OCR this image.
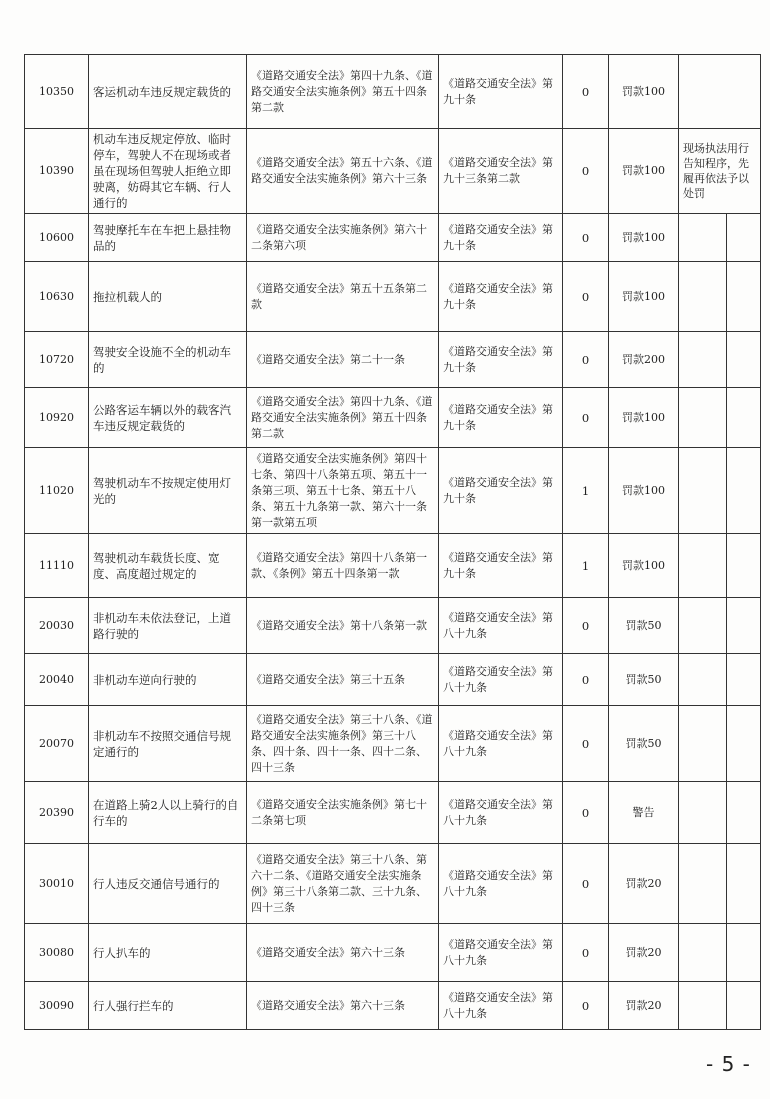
10350	客运机动车违反规定载货的	《道路交通安全法》第四十九条、《道路交通安全法实施条例》第五十四条第二款	《道路交通安全法》第九十条	0	罚款100		
10390	机动车违反规定停放、临时停车，驾驶人不在现场或者虽在现场但驾驶人拒绝立即驶离，妨碍其它车辆、行人通行的	《道路交通安全法》第五十六条、《道路交通安全法实施条例》第六十三条	《道路交通安全法》第九十三条第二款	0	罚款100	现场执法用行告知程序，先履再依法予以处罚	
10600	驾驶摩托车在车把上悬挂物品的	《道路交通安全法实施条例》第六十二条第六项	《道路交通安全法》第九十条	0	罚款100		
10630	拖拉机载人的	《道路交通安全法》第五十五条第二款	《道路交通安全法》第九十条	0	罚款100		
10720	驾驶安全设施不全的机动车的	《道路交通安全法》第二十一条	《道路交通安全法》第九十条	0	罚款200		
10920	公路客运车辆以外的载客汽车违反规定载货的	《道路交通安全法》第四十九条、《道路交通安全法实施条例》第五十四条第二款	《道路交通安全法》第九十条	0	罚款100		
11020	驾驶机动车不按规定使用灯光的	《道路交通安全法实施条例》第四十七条、第四十八条第五项、第五十一条第三项、第五十七条、第五十八条、第五十九条第一款、第六十一条第一款第五项	《道路交通安全法》第九十条	1	罚款100		
11110	驾驶机动车载货长度、宽度、高度超过规定的	《道路交通安全法》第四十八条第一款、《条例》第五十四条第一款	《道路交通安全法》第九十条	1	罚款100		
20030	非机动车未依法登记，上道路行驶的	《道路交通安全法》第十八条第一款	《道路交通安全法》第八十九条	0	罚款50		
20040	非机动车逆向行驶的	《道路交通安全法》第三十五条	《道路交通安全法》第八十九条	0	罚款50		
20070	非机动车不按照交通信号规定通行的	《道路交通安全法》第三十八条、《道路交通安全法实施条例》第三十八条、四十条、四十一条、四十二条、四十三条	《道路交通安全法》第八十九条	0	罚款50		
20390	在道路上骑2人以上骑行的自行车的	《道路交通安全法实施条例》第七十二条第七项	《道路交通安全法》第八十九条	0	警告		
30010	行人违反交通信号通行的	《道路交通安全法》第三十八条、第六十二条、《道路交通安全法实施条例》第三十八条第二款、三十九条、四十三条	《道路交通安全法》第八十九条	0	罚款20		
30080	行人扒车的	《道路交通安全法》第六十三条	《道路交通安全法》第八十九条	0	罚款20		
30090	行人强行拦车的	《道路交通安全法》第六十三条	《道路交通安全法》第八十九条	0	罚款20		
- 5 -
